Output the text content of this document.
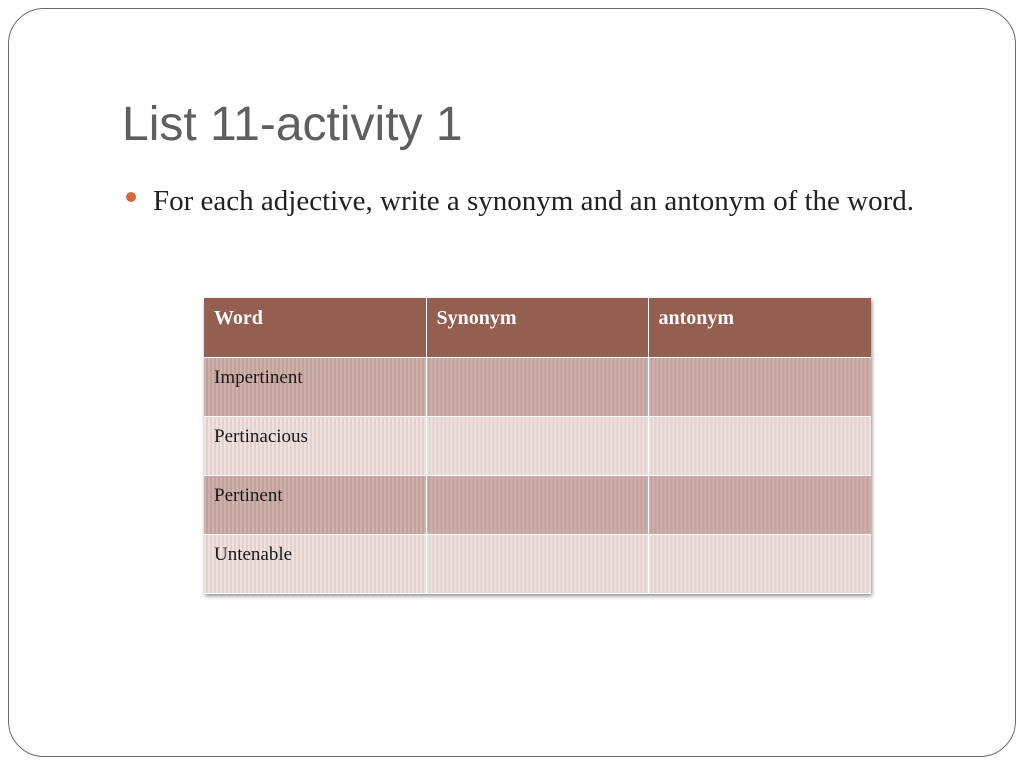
List 11-activity 1

For each adjective, write a synonym and an antonym of the word.

Word	Synonym	antonym
Impertinent		
Pertinacious		
Pertinent		
Untenable		
